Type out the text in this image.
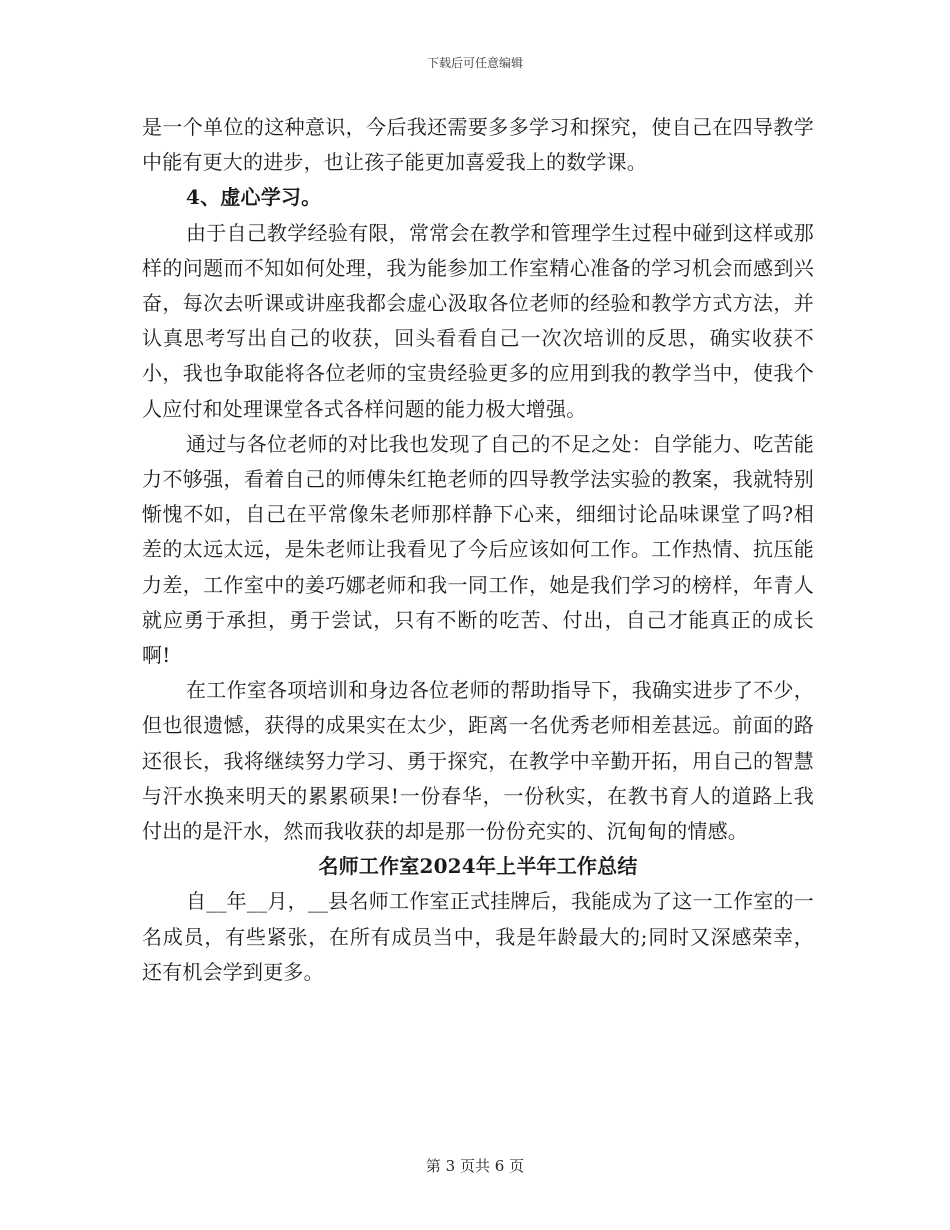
下载后可任意编辑

是一个单位的这种意识，今后我还需要多多学习和探究，使自己在四导教学中能有更大的进步，也让孩子能更加喜爱我上的数学课。

4、虚心学习。

由于自己教学经验有限，常常会在教学和管理学生过程中碰到这样或那样的问题而不知如何处理，我为能参加工作室精心准备的学习机会而感到兴奋，每次去听课或讲座我都会虚心汲取各位老师的经验和教学方式方法，并认真思考写出自己的收获，回头看看自己一次次培训的反思，确实收获不小，我也争取能将各位老师的宝贵经验更多的应用到我的教学当中，使我个人应付和处理课堂各式各样问题的能力极大增强。

通过与各位老师的对比我也发现了自己的不足之处：自学能力、吃苦能力不够强，看着自己的师傅朱红艳老师的四导教学法实验的教案，我就特别惭愧不如，自己在平常像朱老师那样静下心来，细细讨论品味课堂了吗?相差的太远太远，是朱老师让我看见了今后应该如何工作。工作热情、抗压能力差，工作室中的姜巧娜老师和我一同工作，她是我们学习的榜样，年青人就应勇于承担，勇于尝试，只有不断的吃苦、付出，自己才能真正的成长啊!

在工作室各项培训和身边各位老师的帮助指导下，我确实进步了不少，但也很遗憾，获得的成果实在太少，距离一名优秀老师相差甚远。前面的路还很长，我将继续努力学习、勇于探究，在教学中辛勤开拓，用自己的智慧与汗水换来明天的累累硕果!一份春华，一份秋实，在教书育人的道路上我付出的是汗水，然而我收获的却是那一份份充实的、沉甸甸的情感。

名师工作室2024年上半年工作总结

自__年__月，__县名师工作室正式挂牌后，我能成为了这一工作室的一名成员，有些紧张，在所有成员当中，我是年龄最大的;同时又深感荣幸，还有机会学到更多。

第 3 页共 6 页
